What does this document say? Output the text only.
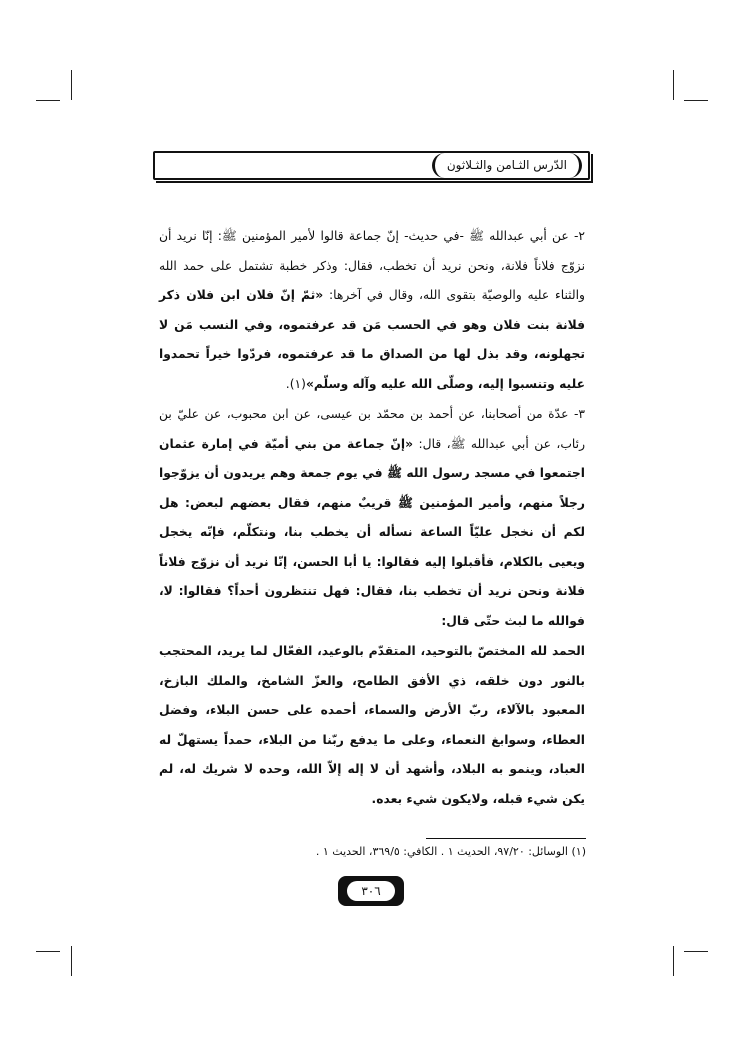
الدّرس الثـامن والثـلاثون

٢- عن أبي عبدالله ﷺ -في حديث- إنّ جماعة قالوا لأمير المؤمنين ﷺ: إنّا نريد أن نزوّج فلاناً فلانة، ونحن نريد أن تخطب، فقال: وذكر خطبة تشتمل على حمد الله والثناء عليه والوصيّة بتقوى الله، وقال في آخرها: «ثمّ إنّ فلان ابن فلان ذكر فلانة بنت فلان وهو في الحسب مَن قد عرفتموه، وفي النسب مَن لا تجهلونه، وقد بذل لها من الصداق ما قد عرفتموه، فردّوا خيراً تحمدوا عليه وتنسبوا إليه، وصلّى الله عليه وآله وسلّم»(١).

٣- عدّة من أصحابنا، عن أحمد بن محمّد بن عيسى، عن ابن محبوب، عن عليّ بن رئاب، عن أبي عبدالله ﷺ، قال: «إنّ جماعة من بني أميّة في إمارة عثمان اجتمعوا في مسجد رسول الله ﷺ في يوم جمعة وهم يريدون أن يزوّجوا رجلاً منهم، وأمير المؤمنين ﷺ قريبٌ منهم، فقال بعضهم لبعض: هل لكم أن نخجل عليّاً الساعة نسأله أن يخطب بنا، ونتكلّم، فإنّه يخجل ويعيى بالكلام، فأقبلوا إليه فقالوا: يا أبا الحسن، إنّا نريد أن نزوّج فلاناً فلانة ونحن نريد أن تخطب بنا، فقال: فهل تنتظرون أحداً؟ فقالوا: لا، فوالله ما لبث حتّى قال:

الحمد لله المختصّ بالتوحيد، المتقدّم بالوعيد، الفعّال لما يريد، المحتجب بالنور دون خلقه، ذي الأفق الطامح، والعزّ الشامخ، والملك البازخ، المعبود بالآلاء، ربّ الأرض والسماء، أحمده على حسن البلاء، وفضل العطاء، وسوابغ النعماء، وعلى ما يدفع ربّنا من البلاء، حمداً يستهلّ له العباد، وينمو به البلاد، وأشهد أن لا إله إلاّ الله، وحده لا شريك له، لم يكن شيء قبله، ولايكون شيء بعده.

(١) الوسائل: ٩٧/٢٠، الحديث ١ . الكافي: ٣٦٩/٥، الحديث ١ .
٣٠٦
